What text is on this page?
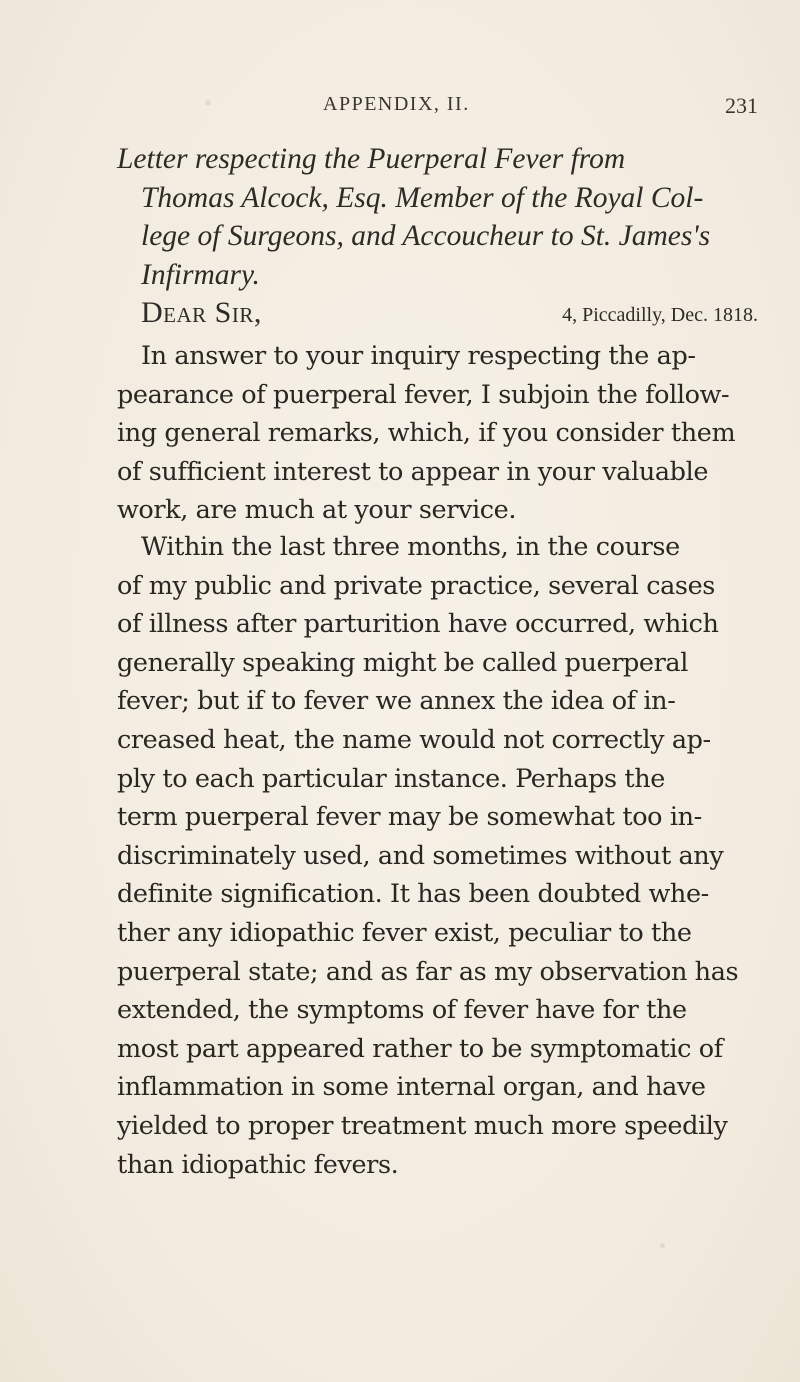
APPENDIX, II.	231
Letter respecting the Puerperal Fever from
Thomas Alcock, Esq. Member of the Royal Col-
lege of Surgeons, and Accoucheur to St. James's
Infirmary.
Dear Sir,	4, Piccadilly, Dec. 1818.
In answer to your inquiry respecting the ap-
pearance of puerperal fever, I subjoin the follow-
ing general remarks, which, if you consider them
of sufficient interest to appear in your valuable
work, are much at your service.
Within the last three months, in the course
of my public and private practice, several cases
of illness after parturition have occurred, which
generally speaking might be called puerperal
fever; but if to fever we annex the idea of in-
creased heat, the name would not correctly ap-
ply to each particular instance. Perhaps the
term puerperal fever may be somewhat too in-
discriminately used, and sometimes without any
definite signification. It has been doubted whe-
ther any idiopathic fever exist, peculiar to the
puerperal state; and as far as my observation has
extended, the symptoms of fever have for the
most part appeared rather to be symptomatic of
inflammation in some internal organ, and have
yielded to proper treatment much more speedily
than idiopathic fevers.
